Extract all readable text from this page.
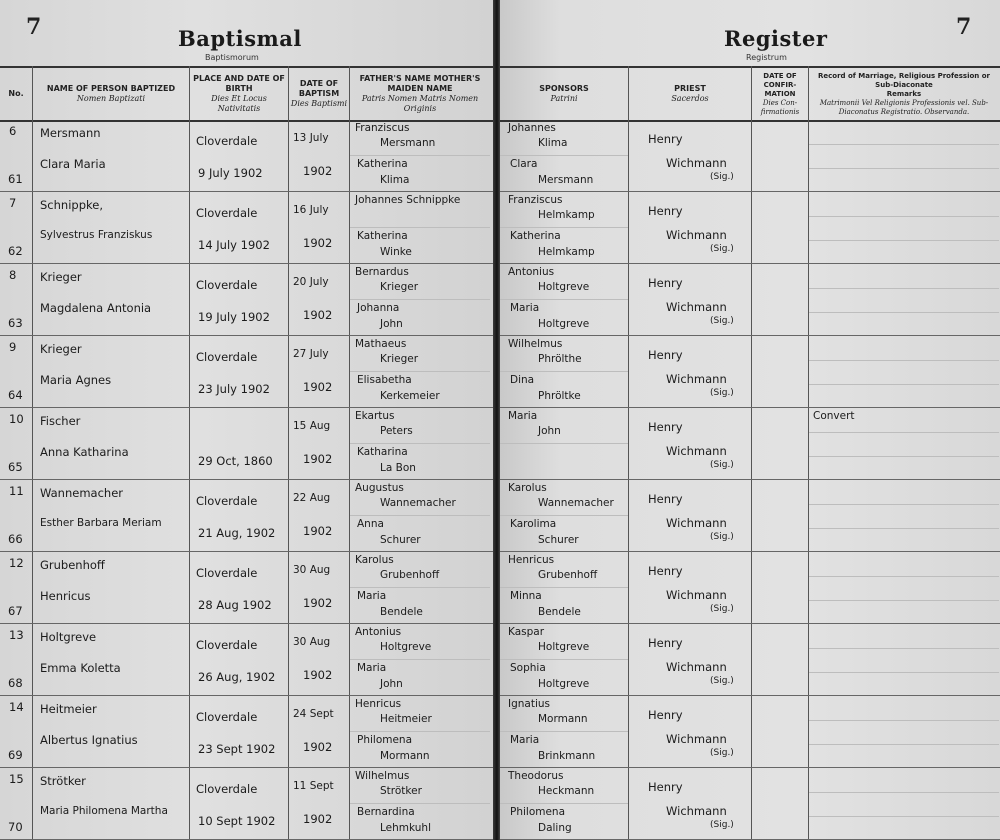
7	Baptismal
Baptismorum
No.
NAME OF PERSON BAPTIZED
Nomen Baptizati
PLACE AND DATE OF BIRTH
Dies Et Locus Nativitatis
DATE OF BAPTISM
Dies Baptismi
FATHER'S NAME MOTHER'S MAIDEN NAME
Patris Nomen Matris Nomen Originis
6
61
Mersmann
Clara Maria
Cloverdale
9 July 1902
13 July
1902
Franziscus
Mersmann
Katherina
Klima
7
62
Schnippke,
Sylvestrus Franziskus
Cloverdale
14 July 1902
16 July
1902
Johannes Schnippke
Katherina
Winke
8
63
Krieger
Magdalena Antonia
Cloverdale
19 July 1902
20 July
1902
Bernardus
Krieger
Johanna
John
9
64
Krieger
Maria Agnes
Cloverdale
23 July 1902
27 July
1902
Mathaeus
Krieger
Elisabetha
Kerkemeier
10
65
Fischer
Anna Katharina
29 Oct, 1860
15 Aug
1902
Ekartus
Peters
Katharina
La Bon
11
66
Wannemacher
Esther Barbara Meriam
Cloverdale
21 Aug, 1902
22 Aug
1902
Augustus
Wannemacher
Anna
Schurer
12
67
Grubenhoff
Henricus
Cloverdale
28 Aug 1902
30 Aug
1902
Karolus
Grubenhoff
Maria
Bendele
13
68
Holtgreve
Emma Koletta
Cloverdale
26 Aug, 1902
30 Aug
1902
Antonius
Holtgreve
Maria
John
14
69
Heitmeier
Albertus Ignatius
Cloverdale
23 Sept 1902
24 Sept
1902
Henricus
Heitmeier
Philomena
Mormann
15
70
Strötker
Maria Philomena Martha
Cloverdale
10 Sept 1902
11 Sept
1902
Wilhelmus
Strötker
Bernardina
Lehmkuhl
Register
Registrum
7
SPONSORS
Patrini
PRIEST
Sacerdos
DATE OF CONFIR-MATION
Dies Con-firmationis
Record of Marriage, Religious Profession or Sub-Diaconate
Remarks
Matrimonii Vel Religionis Professionis vel. Sub-Diaconatus Registratio. Observanda.
Johannes
Klima
Clara
Mersmann
Henry
Wichmann
(Sig.)
Franziscus
Helmkamp
Katherina
Helmkamp
Henry
Wichmann
(Sig.)
Antonius
Holtgreve
Maria
Holtgreve
Henry
Wichmann
(Sig.)
Wilhelmus
Phrölthe
Dina
Phröltke
Henry
Wichmann
(Sig.)
Maria
John	Henry
Wichmann
(Sig.)
Convert
Karolus
Wannemacher
Karolima
Schurer
Henry
Wichmann
(Sig.)
Henricus
Grubenhoff
Minna
Bendele
Henry
Wichmann
(Sig.)
Kaspar
Holtgreve
Sophia
Holtgreve
Henry
Wichmann
(Sig.)
Ignatius
Mormann
Maria
Brinkmann
Henry
Wichmann
(Sig.)
Theodorus
Heckmann
Philomena
Daling
Henry
Wichmann
(Sig.)
